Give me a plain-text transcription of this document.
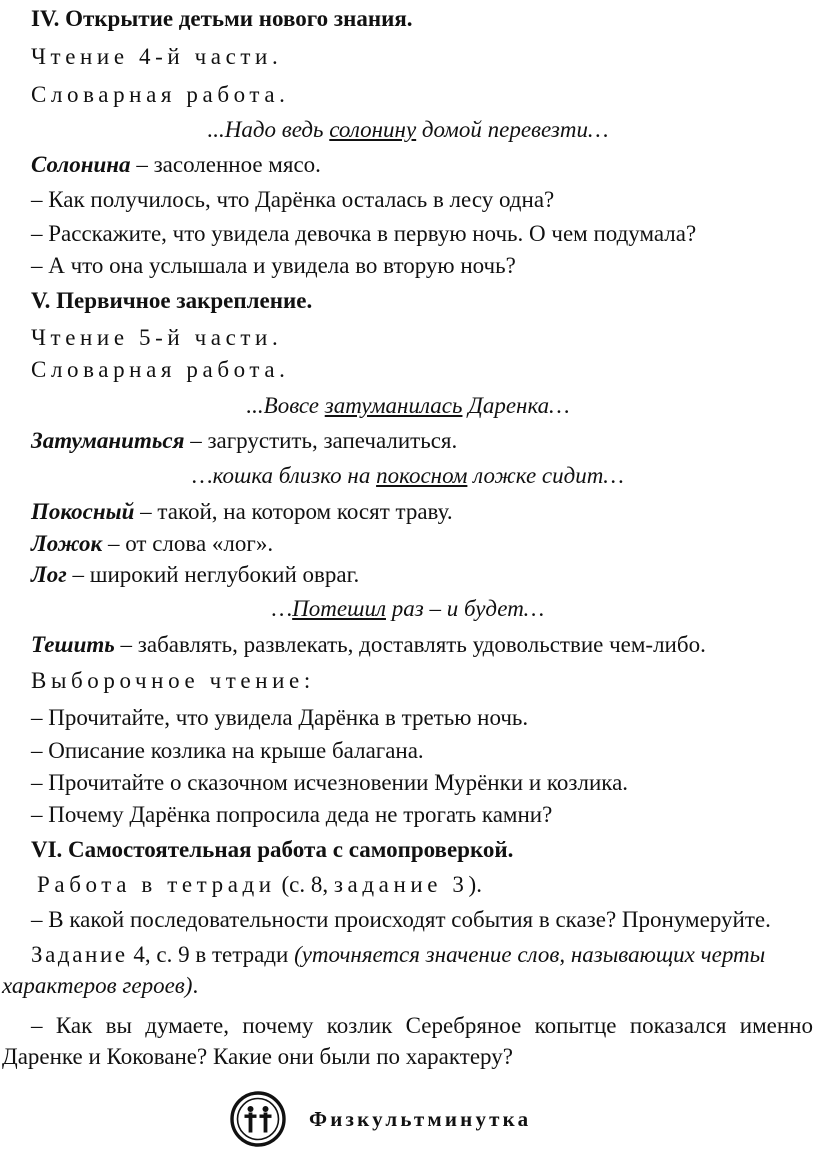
IV. Открытие детьми нового знания.
Чтение 4-й части.
Словарная работа.
...Надо ведь солонину домой перевезти…
Солонина – засоленное мясо.
– Как получилось, что Дарёнка осталась в лесу одна?
– Расскажите, что увидела девочка в первую ночь. О чем подумала?
– А что она услышала и увидела во вторую ночь?
V. Первичное закрепление.
Чтение 5-й части.
Словарная работа.
...Вовсе затуманилась Даренка…
Затуманиться – загрустить, запечалиться.
…кошка близко на покосном ложке сидит…
Покосный – такой, на котором косят траву.
Ложок – от слова «лог».
Лог – широкий неглубокий овраг.
…Потешил раз – и будет…
Тешить – забавлять, развлекать, доставлять удовольствие чем-либо.
Выборочное чтение:
– Прочитайте, что увидела Дарёнка в третью ночь.
– Описание козлика на крыше балагана.
– Прочитайте о сказочном исчезновении Мурёнки и козлика.
– Почему Дарёнка попросила деда не трогать камни?
VI. Самостоятельная работа с самопроверкой.
Работа в тетради (с. 8, задание 3).
– В какой последовательности происходят события в сказе? Пронумеруйте.
Задание 4, с. 9 в тетради (уточняется значение слов, называющих черты
характеров героев).
– Как вы думаете, почему козлик Серебряное копытце показался именно
Даренке и Коковане? Какие они были по характеру?
Физкультминутка
